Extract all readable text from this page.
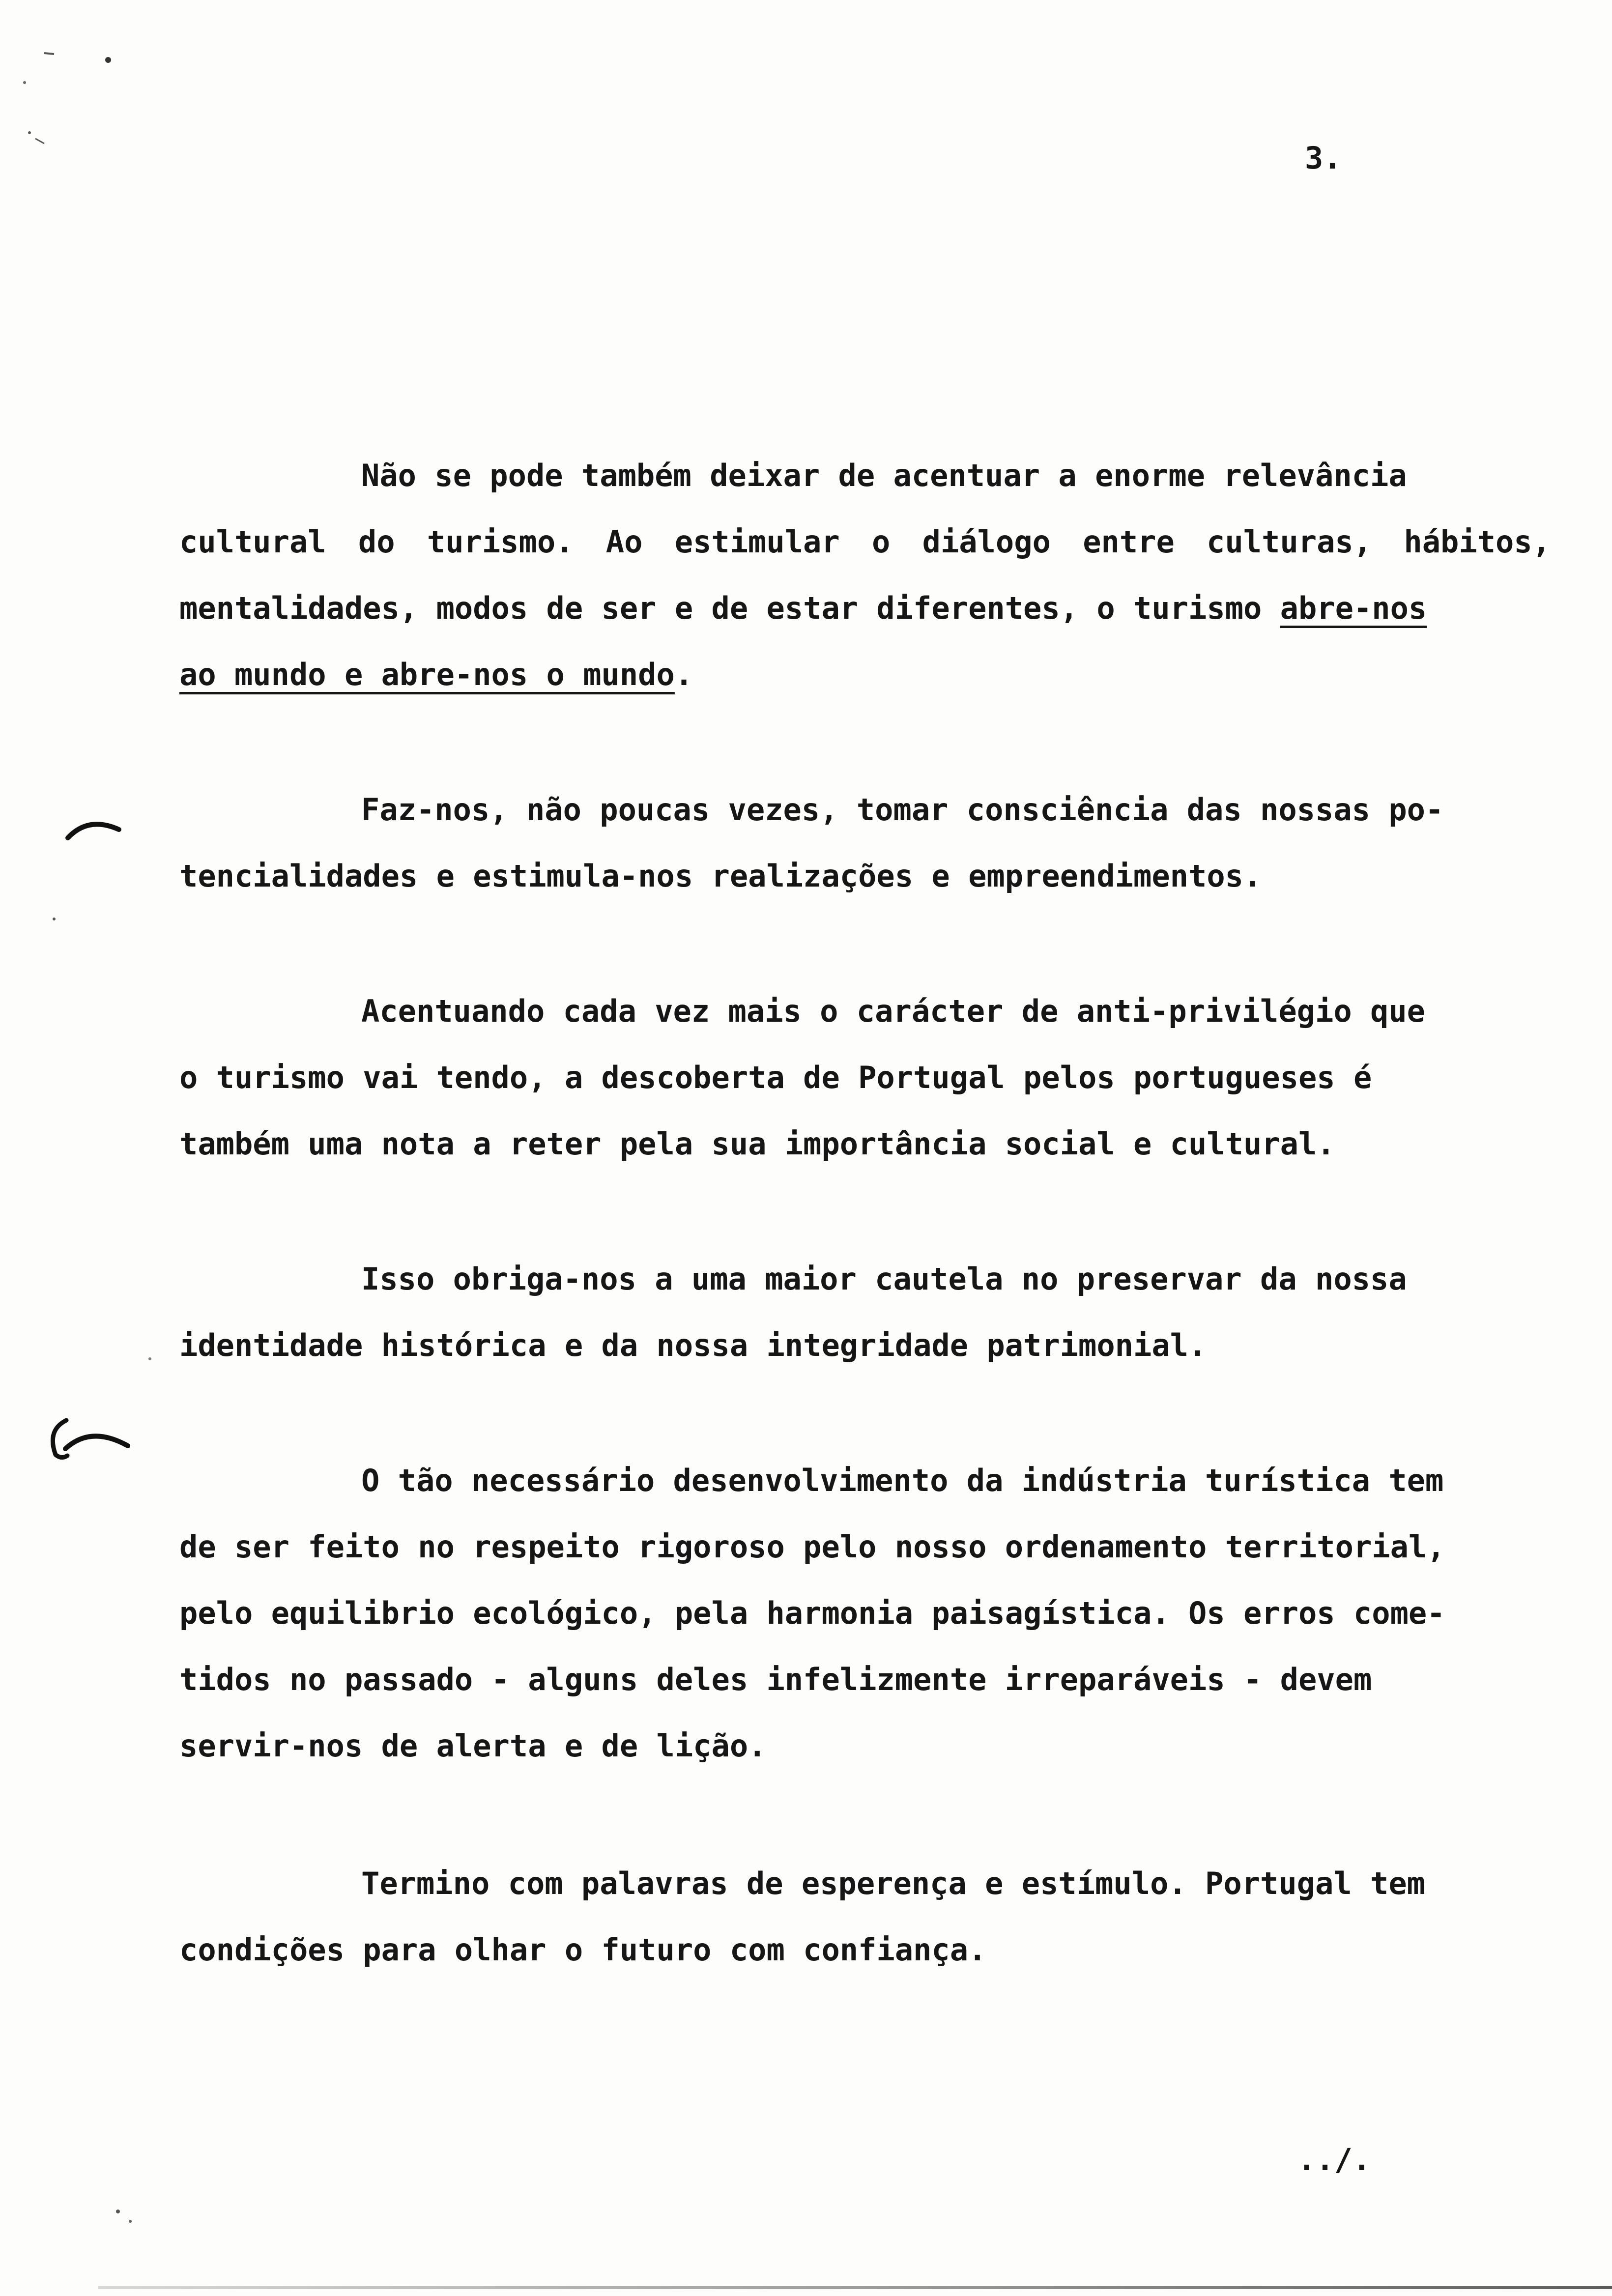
3.
Não se pode também deixar de acentuar a enorme relevância
cultural do turismo. Ao estimular o diálogo entre culturas, hábitos,
mentalidades, modos de ser e de estar diferentes, o turismo abre-nos
ao mundo e abre-nos o mundo.
Faz-nos, não poucas vezes, tomar consciência das nossas po-
tencialidades e estimula-nos realizações e empreendimentos.
Acentuando cada vez mais o carácter de anti-privilégio que
o turismo vai tendo, a descoberta de Portugal pelos portugueses é
também uma nota a reter pela sua importância social e cultural.
Isso obriga-nos a uma maior cautela no preservar da nossa
identidade histórica e da nossa integridade patrimonial.
O tão necessário desenvolvimento da indústria turística tem
de ser feito no respeito rigoroso pelo nosso ordenamento territorial,
pelo equilibrio ecológico, pela harmonia paisagística. Os erros come-
tidos no passado - alguns deles infelizmente irreparáveis - devem
servir-nos de alerta e de lição.
Termino com palavras de esperença e estímulo. Portugal tem
condições para olhar o futuro com confiança.
../.
